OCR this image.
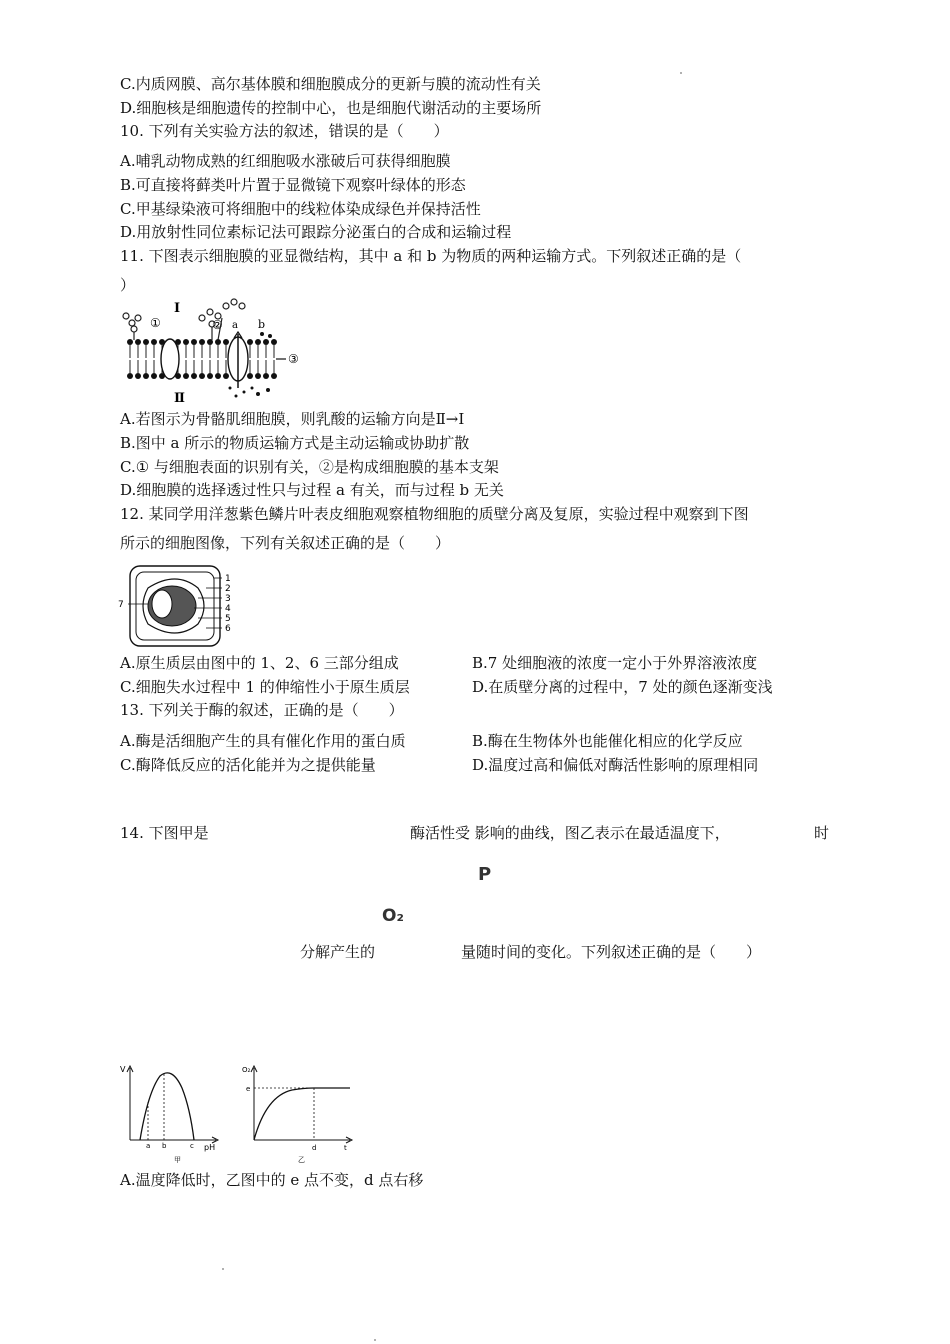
C.内质网膜、高尔基体膜和细胞膜成分的更新与膜的流动性有关
D.细胞核是细胞遗传的控制中心，也是细胞代谢活动的主要场所
10. 下列有关实验方法的叙述，错误的是（　　）
A.哺乳动物成熟的红细胞吸水涨破后可获得细胞膜
B.可直接将藓类叶片置于显微镜下观察叶绿体的形态
C.甲基绿染液可将细胞中的线粒体染成绿色并保持活性
D.用放射性同位素标记法可跟踪分泌蛋白的合成和运输过程
11. 下图表示细胞膜的亚显微结构，其中 a 和 b 为物质的两种运输方式。下列叙述正确的是（
）
I
Ⅱ
①	② a b
③
A.若图示为骨骼肌细胞膜，则乳酸的运输方向是Ⅱ→Ⅰ
B.图中 a 所示的物质运输方式是主动运输或协助扩散
C.① 与细胞表面的识别有关，②是构成细胞膜的基本支架
D.细胞膜的选择透过性只与过程 a 有关，而与过程 b 无关
12. 某同学用洋葱紫色鳞片叶表皮细胞观察植物细胞的质壁分离及复原，实验过程中观察到下图
所示的细胞图像，下列有关叙述正确的是（　　）
1
2
3
4
5
6
7
A.原生质层由图中的 1、2、6 三部分组成	B.7 处细胞液的浓度一定小于外界溶液浓度
C.细胞失水过程中 1 的伸缩性小于原生质层	D.在质壁分离的过程中，7 处的颜色逐渐变浅
13. 下列关于酶的叙述，正确的是（　　）
A.酶是活细胞产生的具有催化作用的蛋白质	B.酶在生物体外也能催化相应的化学反应
C.酶降低反应的活化能并为之提供能量	D.温度过高和偏低对酶活性影响的原理相同
14. 下图甲是	酶活性受 影响的曲线，图乙表示在最适温度下，	时
P
O₂
分解产生的	量随时间的变化。下列叙述正确的是（　　）
V
pH
a b	c
甲
O₂
e
d	t
乙
A.温度降低时，乙图中的 e 点不变，d 点右移
